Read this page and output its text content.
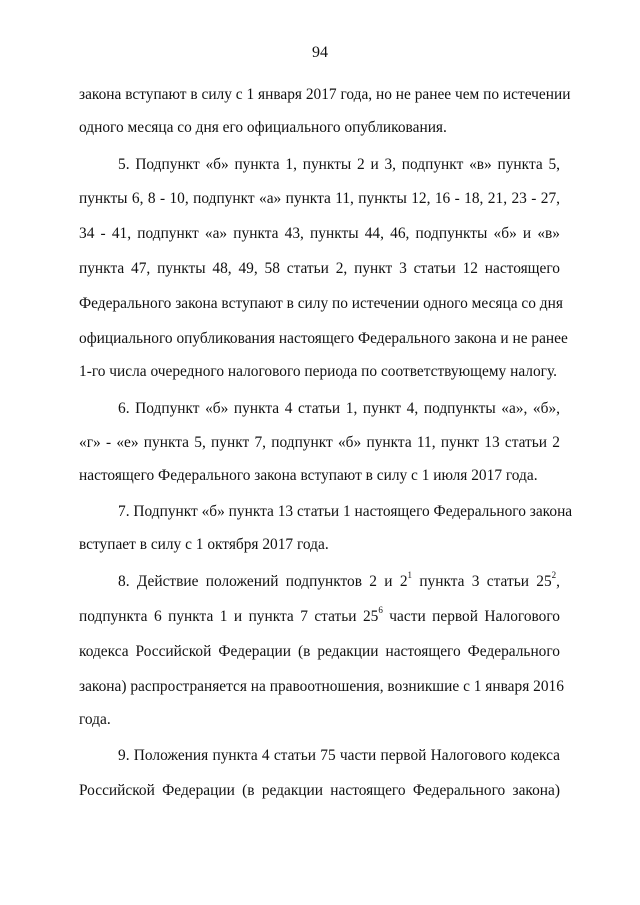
94
закона вступают в силу с 1 января 2017 года, но не ранее чем по истечении
одного месяца со дня его официального опубликования.
5. Подпункт «б» пункта 1, пункты 2 и 3, подпункт «в» пункта 5,
пункты 6, 8 - 10, подпункт «а» пункта 11, пункты 12, 16 - 18, 21, 23 - 27,
34 - 41, подпункт «а» пункта 43, пункты 44, 46, подпункты «б» и «в»
пункта 47, пункты 48, 49, 58 статьи 2, пункт 3 статьи 12 настоящего
Федерального закона вступают в силу по истечении одного месяца со дня
официального опубликования настоящего Федерального закона и не ранее
1-го числа очередного налогового периода по соответствующему налогу.
6. Подпункт «б» пункта 4 статьи 1, пункт 4, подпункты «а», «б»,
«г» - «е» пункта 5, пункт 7, подпункт «б» пункта 11, пункт 13 статьи 2
настоящего Федерального закона вступают в силу с 1 июля 2017 года.
7. Подпункт «б» пункта 13 статьи 1 настоящего Федерального закона
вступает в силу с 1 октября 2017 года.
8. Действие положений подпунктов 2 и $2^1$ пункта 3 статьи $25^2$,
подпункта 6 пункта 1 и пункта 7 статьи $25^6$ части первой Налогового
кодекса Российской Федерации (в редакции настоящего Федерального
закона) распространяется на правоотношения, возникшие с 1 января 2016
года.
9. Положения пункта 4 статьи 75 части первой Налогового кодекса
Российской Федерации (в редакции настоящего Федерального закона)
